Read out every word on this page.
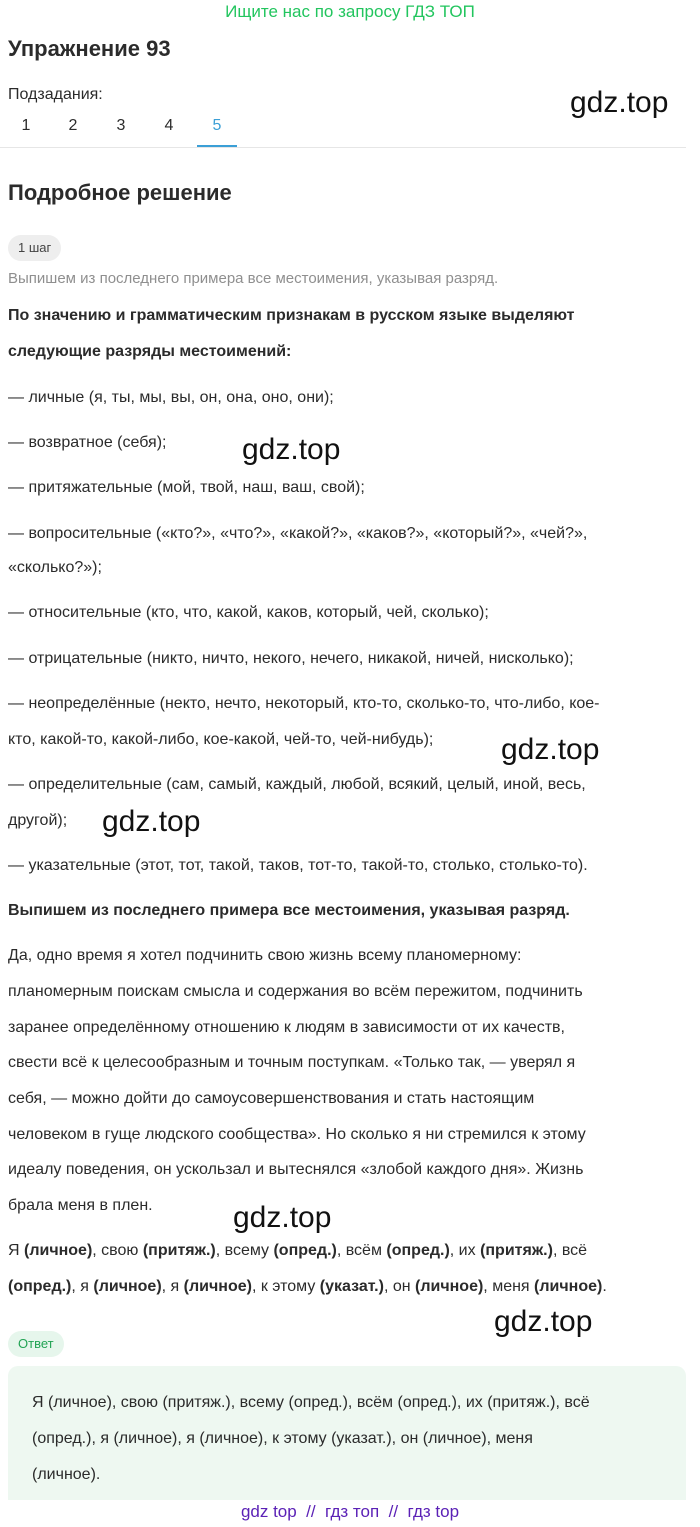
Ищите нас по запросу ГДЗ ТОП
Упражнение 93
Подзадания:
1	2	3	4	5
gdz.top
Подробное решение
1 шаг
Выпишем из последнего примера все местоимения, указывая разряд.
По значению и грамматическим признакам в русском языке выделяют
следующие разряды местоимений:
— личные (я, ты, мы, вы, он, она, оно, они);
— возвратное (себя);	gdz.top
— притяжательные (мой, твой, наш, ваш, свой);
— вопросительные («кто?», «что?», «какой?», «каков?», «который?», «чей?»,
«сколько?»);
— относительные (кто, что, какой, каков, который, чей, сколько);
— отрицательные (никто, ничто, некого, нечего, никакой, ничей, нисколько);
— неопределённые (некто, нечто, некоторый, кто-то, сколько-то, что-либо, кое-
кто, какой-то, какой-либо, кое-какой, чей-то, чей-нибудь); gdz.top
— определительные (сам, самый, каждый, любой, всякий, целый, иной, весь,
другой); gdz.top
— указательные (этот, тот, такой, таков, тот-то, такой-то, столько, столько-то).
Выпишем из последнего примера все местоимения, указывая разряд.
Да, одно время я хотел подчинить свою жизнь всему планомерному:
планомерным поискам смысла и содержания во всём пережитом, подчинить
заранее определённому отношению к людям в зависимости от их качеств,
свести всё к целесообразным и точным поступкам. «Только так, — уверял я
себя, — можно дойти до самоусовершенствования и стать настоящим
человеком в гуще людского сообщества». Но сколько я ни стремился к этому
идеалу поведения, он ускользал и вытеснялся «злобой каждого дня». Жизнь
брала меня в плен.	gdz.top
Я (личное), свою (притяж.), всему (опред.), всём (опред.), их (притяж.), всё
(опред.), я (личное), я (личное), к этому (указат.), он (личное), меня (личное).
gdz.top
Ответ
Я (личное), свою (притяж.), всему (опред.), всём (опред.), их (притяж.), всё
(опред.), я (личное), я (личное), к этому (указат.), он (личное), меня
(личное).
gdz top  //  гдз топ  //  гдз top
